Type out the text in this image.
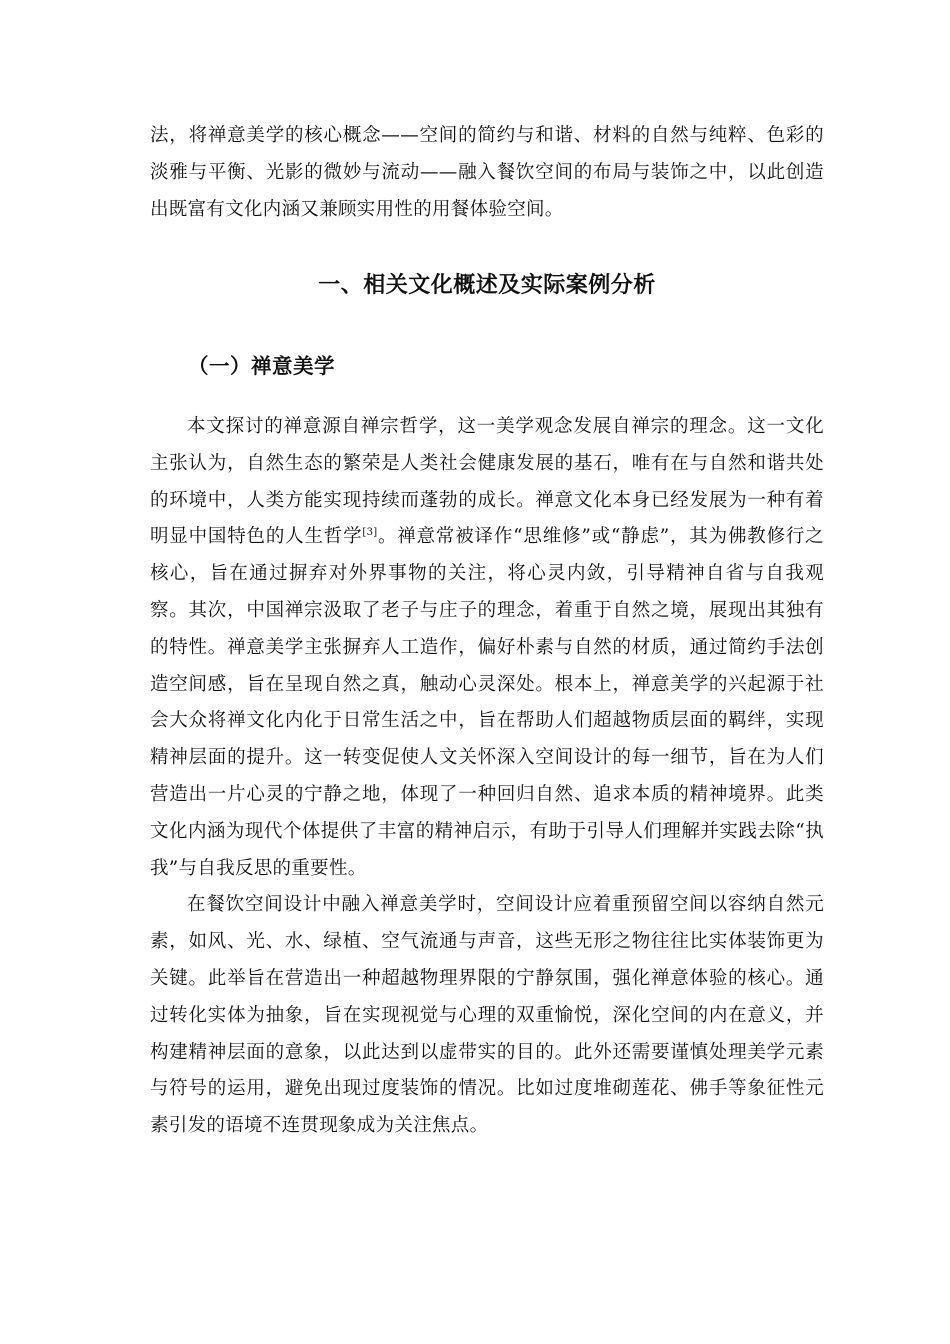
法，将禅意美学的核心概念——空间的简约与和谐、材料的自然与纯粹、色彩的淡雅与平衡、光影的微妙与流动——融入餐饮空间的布局与装饰之中，以此创造出既富有文化内涵又兼顾实用性的用餐体验空间。

一、相关文化概述及实际案例分析
（一）禅意美学

本文探讨的禅意源自禅宗哲学，这一美学观念发展自禅宗的理念。这一文化主张认为，自然生态的繁荣是人类社会健康发展的基石，唯有在与自然和谐共处的环境中，人类方能实现持续而蓬勃的成长。禅意文化本身已经发展为一种有着明显中国特色的人生哲学[3]。禅意常被译作“思维修”或“静虑”，其为佛教修行之核心，旨在通过摒弃对外界事物的关注，将心灵内敛，引导精神自省与自我观察。其次，中国禅宗汲取了老子与庄子的理念，着重于自然之境，展现出其独有的特性。禅意美学主张摒弃人工造作，偏好朴素与自然的材质，通过简约手法创造空间感，旨在呈现自然之真，触动心灵深处。根本上，禅意美学的兴起源于社会大众将禅文化内化于日常生活之中，旨在帮助人们超越物质层面的羁绊，实现精神层面的提升。这一转变促使人文关怀深入空间设计的每一细节，旨在为人们营造出一片心灵的宁静之地，体现了一种回归自然、追求本质的精神境界。此类文化内涵为现代个体提供了丰富的精神启示，有助于引导人们理解并实践去除“执我”与自我反思的重要性。

在餐饮空间设计中融入禅意美学时，空间设计应着重预留空间以容纳自然元素，如风、光、水、绿植、空气流通与声音，这些无形之物往往比实体装饰更为关键。此举旨在营造出一种超越物理界限的宁静氛围，强化禅意体验的核心。通过转化实体为抽象，旨在实现视觉与心理的双重愉悦，深化空间的内在意义，并构建精神层面的意象，以此达到以虚带实的目的。此外还需要谨慎处理美学元素与符号的运用，避免出现过度装饰的情况。比如过度堆砌莲花、佛手等象征性元素引发的语境不连贯现象成为关注焦点。
